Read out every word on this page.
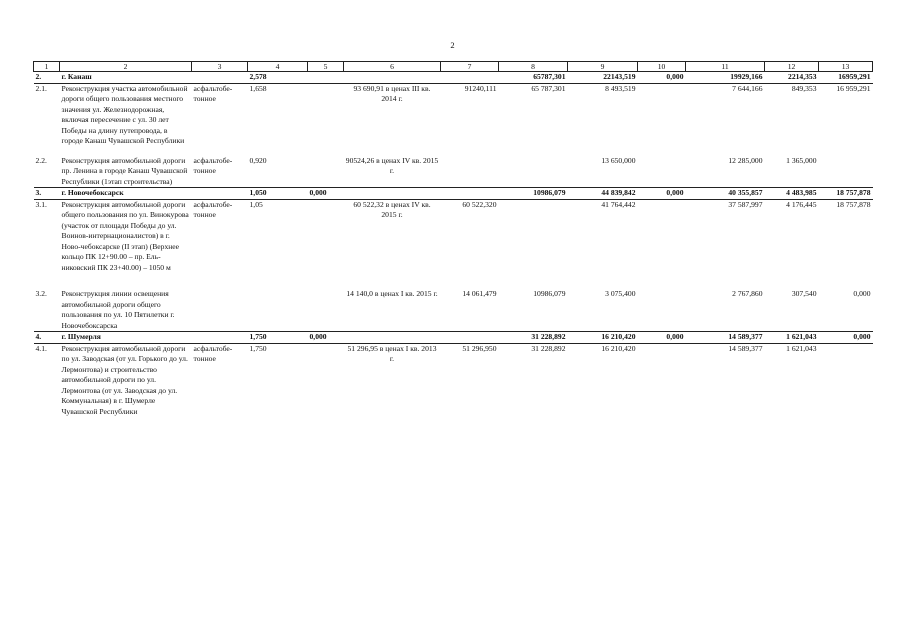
2
1	2	3	4	5	6	7	8	9	10	11	12	13
2.	г. Канаш		2,578				65787,301	22143,519	0,000	19929,166	2214,353	16959,291
2.1.	Реконструкция участка автомобильной дороги общего пользования местного значения ул. Железнодорожная, включая пересечение с ул. 30 лет Победы на длину путепровода, в городе Канаш Чувашской Республики	асфальтобе-тонное	1,658		93 690,91 в ценах III кв. 2014 г.	91240,111	65 787,301	8 493,519		7 644,166	849,353	16 959,291

2.2.	Реконструкция автомобильной дороги пр. Ленина в городе Канаш Чувашской Республики (1этап строительства)	асфальтобе-тонное	0,920		90524,26 в ценах IV кв. 2015 г.			13 650,000		12 285,000	1 365,000	
3.	г. Новочебоксарск		1,050	0,000			10986,079	44 839,842	0,000	40 355,857	4 483,985	18 757,878
3.1.	Реконструкция автомобильной дороги общего пользования по ул. Винокурова (участок от площади Победы до ул. Воинов-интернационалистов) в г. Ново-чебоксарске (II этап) (Верхнее кольцо ПК 12+90.00 – пр. Ель-никовский ПК 23+40.00) – 1050 м	асфальтобе-тонное	1,05		60 522,32 в ценах IV кв. 2015 г.	60 522,320		41 764,442		37 587,997	4 176,445	18 757,878

3.2.	Реконструкция линии освещения автомобильной дороги общего пользования по ул. 10 Пятилетки г. Новочебоксарска				14 140,0 в ценах I кв. 2015 г.	14 061,479	10986,079	3 075,400		2 767,860	307,540	0,000
4.	г. Шумерля		1,750	0,000			31 228,892	16 210,420	0,000	14 589,377	1 621,043	0,000
4.1.	Реконструкция автомобильной дороги по ул. Заводская (от ул. Горького до ул. Лермонтова) и строительство автомобильной дороги по ул. Лермонтова (от ул. Заводская до ул. Коммунальная) в г. Шумерле Чувашской Республики	асфальтобе-тонное	1,750		51 296,95 в ценах I кв. 2013 г.	51 296,950	31 228,892	16 210,420		14 589,377	1 621,043	
